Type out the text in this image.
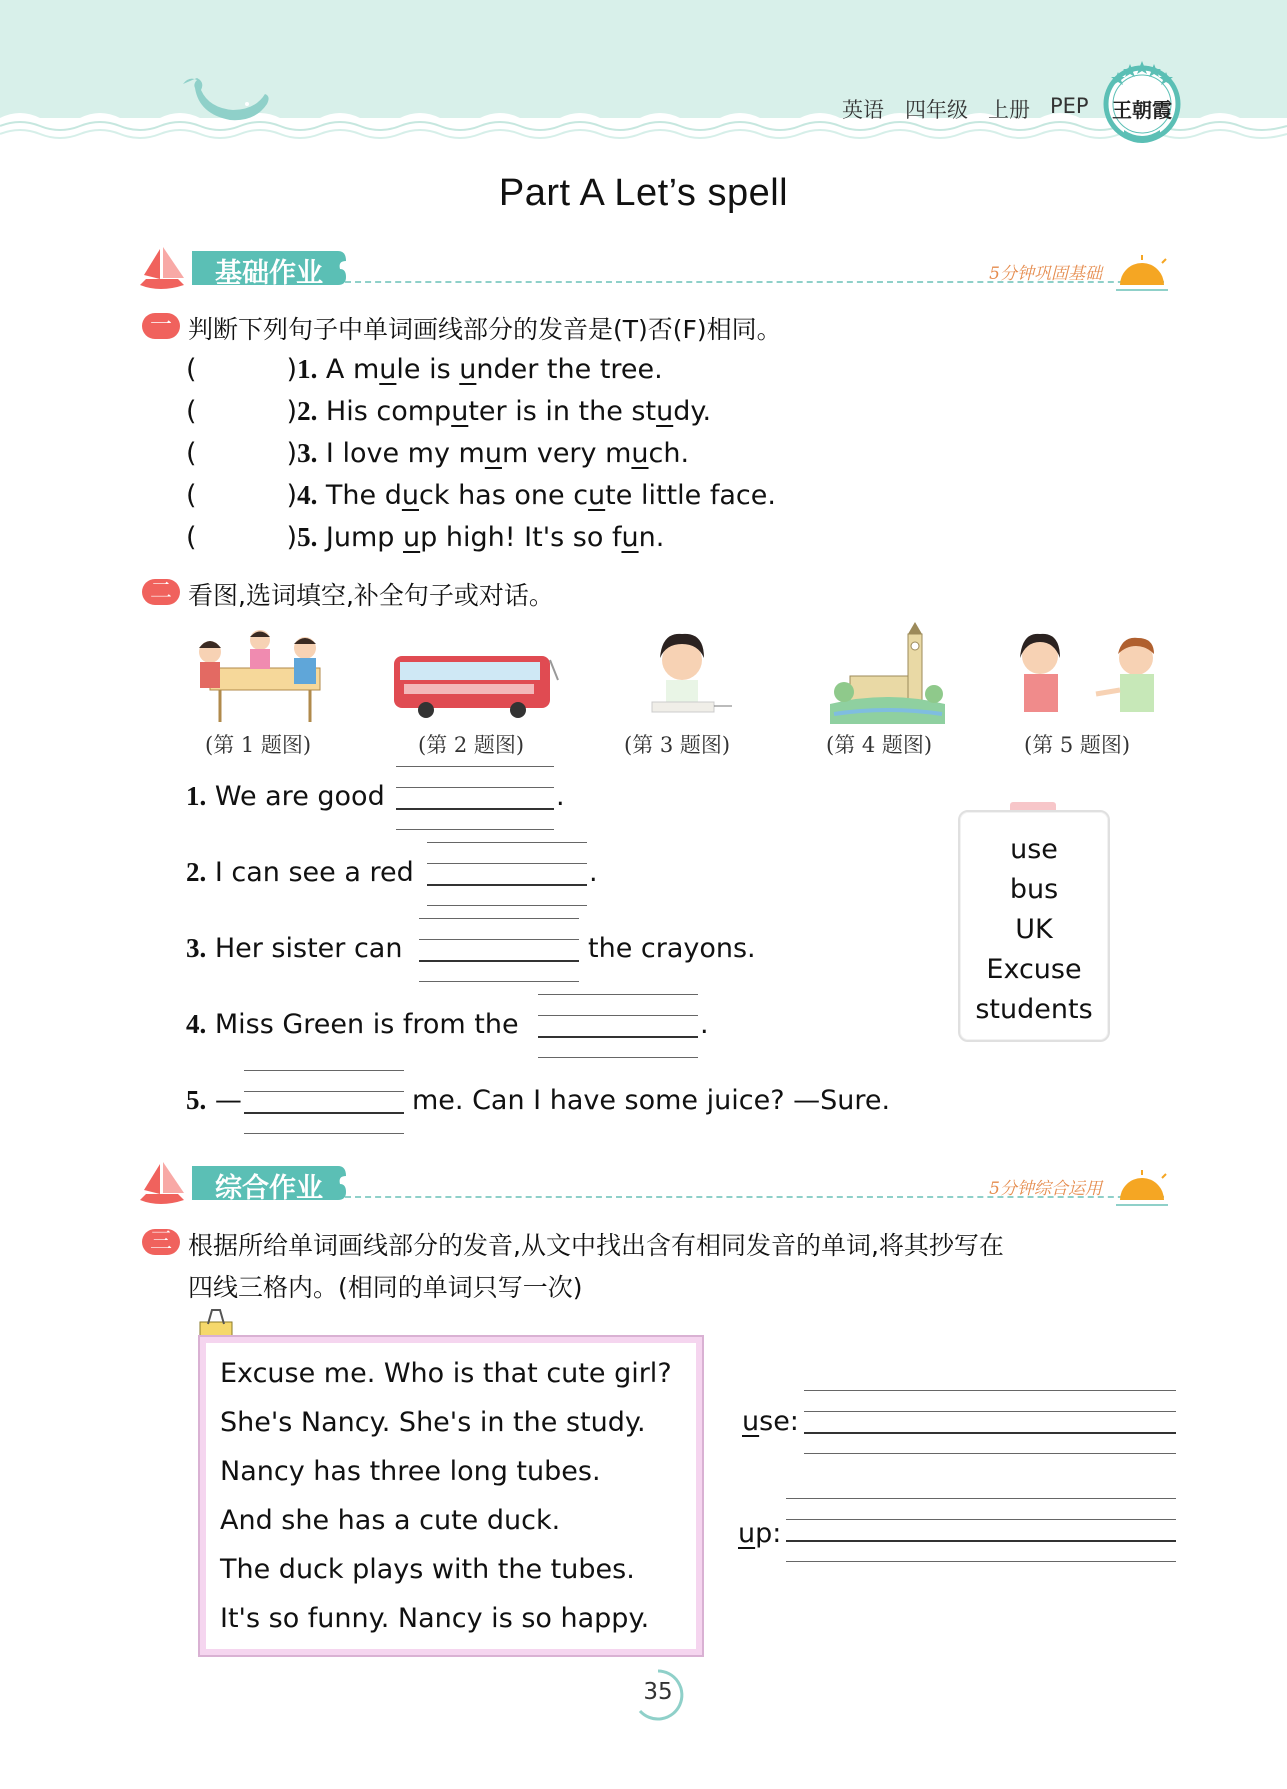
英语 四年级 上册 PEP	王朝霞
Part A Let’s spell
基础作业	5分钟巩固基础
一 判断下列句子中单词画线部分的发音是(T)否(F)相同。
(	)1. A mule is under the tree.
(	)2. His computer is in the study.
(	)3. I love my mum very much.
(	)4. The duck has one cute little face.
(	)5. Jump up high! It's so fun.
二 看图,选词填空,补全句子或对话。
(第 1 题图)	(第 2 题图)	(第 3 题图)	(第 4 题图)	(第 5 题图)
1. We are good	.
2. I can see a red	.
3. Her sister can	the crayons.
4. Miss Green is from the	.
5. —	me. Can I have some juice? —Sure.
use
bus
UK
Excuse
students
综合作业	5分钟综合运用
三 根据所给单词画线部分的发音,从文中找出含有相同发音的单词,将其抄写在
四线三格内。(相同的单词只写一次)
Excuse me. Who is that cute girl?
She's Nancy. She's in the study.
Nancy has three long tubes.
And she has a cute duck.
The duck plays with the tubes.
It's so funny. Nancy is so happy.
use:
up:
35
